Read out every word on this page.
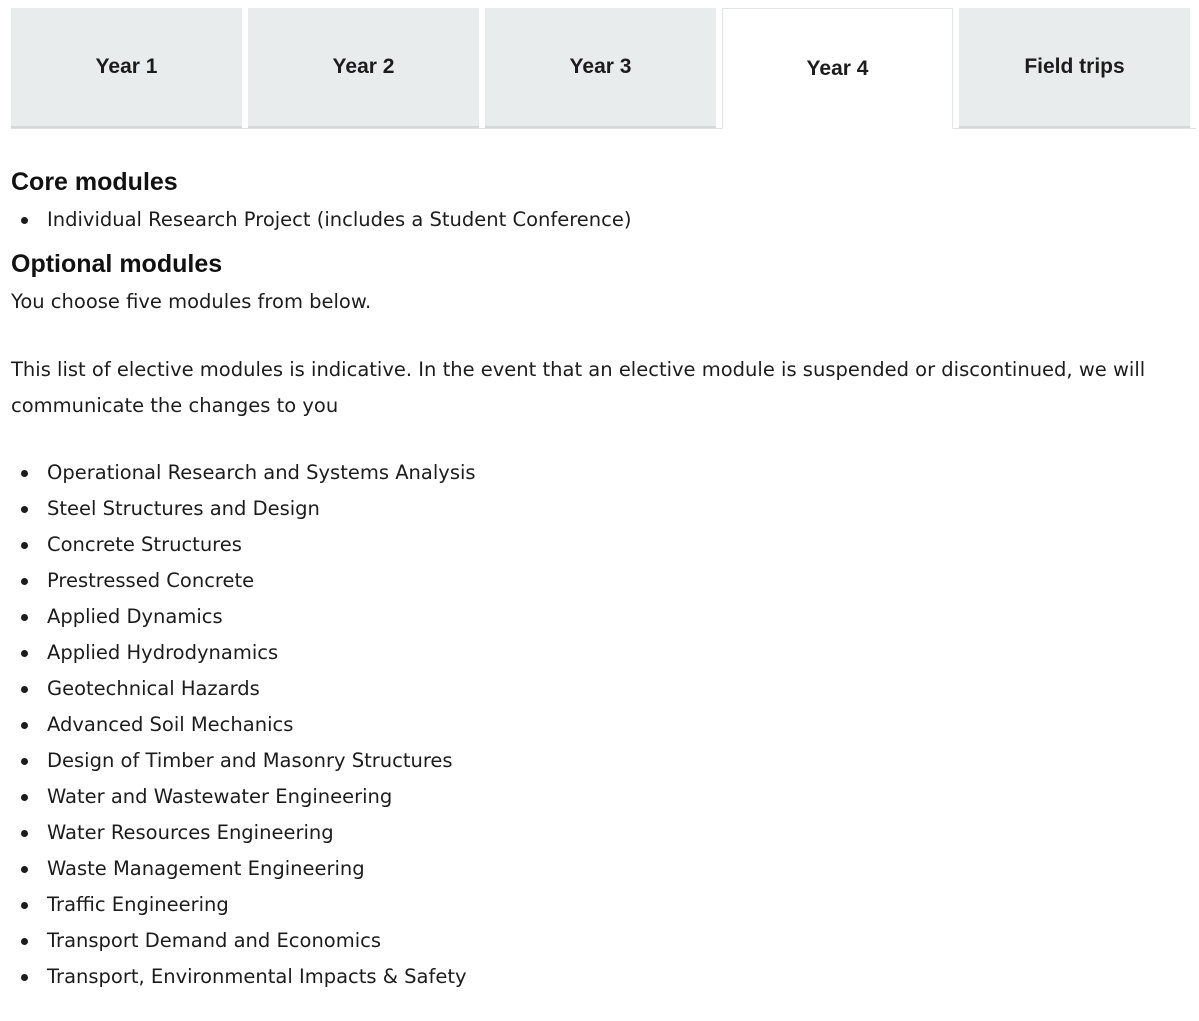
Year 1	Year 2	Year 3	Year 4	Field trips
Core modules
Individual Research Project (includes a Student Conference)
Optional modules

You choose five modules from below.

This list of elective modules is indicative. In the event that an elective module is suspended or discontinued, we will communicate the changes to you

Operational Research and Systems Analysis
Steel Structures and Design
Concrete Structures
Prestressed Concrete
Applied Dynamics
Applied Hydrodynamics
Geotechnical Hazards
Advanced Soil Mechanics
Design of Timber and Masonry Structures
Water and Wastewater Engineering
Water Resources Engineering
Waste Management Engineering
Traffic Engineering
Transport Demand and Economics
Transport, Environmental Impacts & Safety
